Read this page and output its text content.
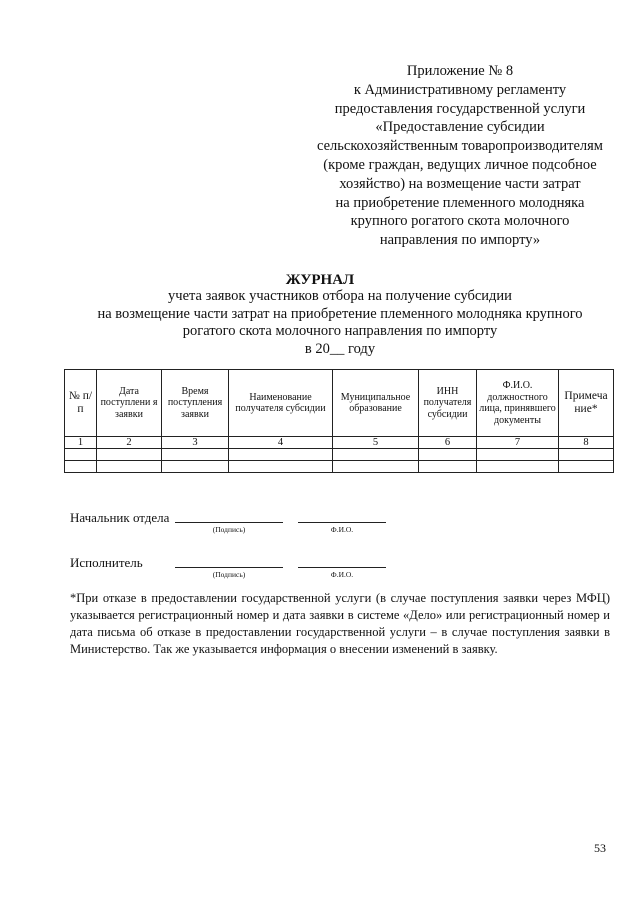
Приложение № 8
к Административному регламенту
предоставления государственной услуги
«Предоставление субсидии
сельскохозяйственным товаропроизводителям
(кроме граждан, ведущих личное подсобное
хозяйство) на возмещение части затрат
на приобретение племенного молодняка
крупного рогатого скота молочного
направления по импорту»
ЖУРНАЛ
учета заявок участников отбора на получение субсидии
на возмещение части затрат на приобретение племенного молодняка крупного
рогатого скота молочного направления по импорту
в 20__ году
№ п/п	Дата поступлени я заявки	Время поступления заявки	Наименование получателя субсидии	Муниципальное образование	ИНН получателя субсидии	Ф.И.О. должностного лица, принявшего документы	Примеча ние*
1	2	3	4	5	6	7	8

Начальник отдела
(Подпись)	Ф.И.О.
Исполнитель
(Подпись)	Ф.И.О.
*При отказе в предоставлении государственной услуги (в случае поступления заявки через МФЦ) указывается регистрационный номер и дата заявки в системе «Дело» или регистрационный номер и дата письма об отказе в предоставлении государственной услуги – в случае поступления заявки в Министерство. Так же указывается информация о внесении изменений в заявку.
53
